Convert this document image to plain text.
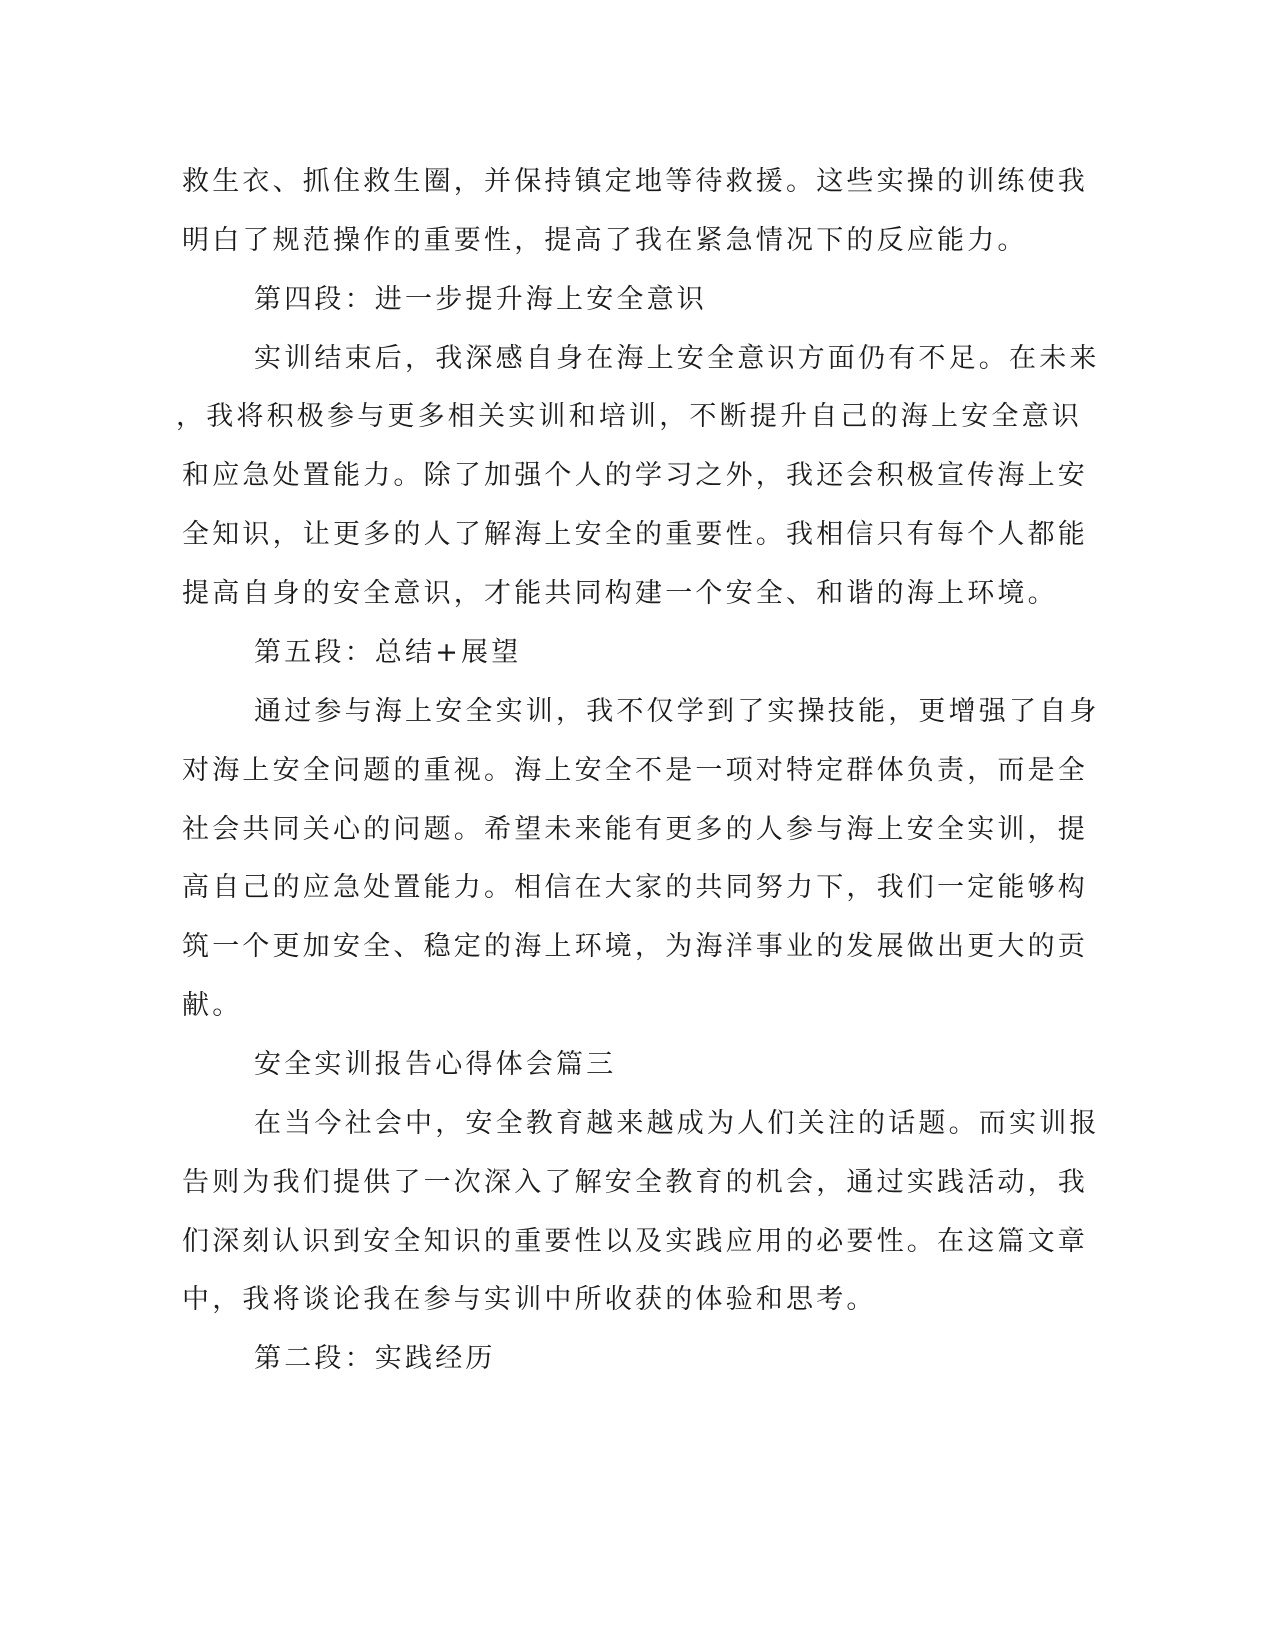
救生衣、抓住救生圈，并保持镇定地等待救援。这些实操的训练使我
明白了规范操作的重要性，提高了我在紧急情况下的反应能力。
第四段：进一步提升海上安全意识
实训结束后，我深感自身在海上安全意识方面仍有不足。在未来
，我将积极参与更多相关实训和培训，不断提升自己的海上安全意识
和应急处置能力。除了加强个人的学习之外，我还会积极宣传海上安
全知识，让更多的人了解海上安全的重要性。我相信只有每个人都能
提高自身的安全意识，才能共同构建一个安全、和谐的海上环境。
第五段：总结+展望
通过参与海上安全实训，我不仅学到了实操技能，更增强了自身
对海上安全问题的重视。海上安全不是一项对特定群体负责，而是全
社会共同关心的问题。希望未来能有更多的人参与海上安全实训，提
高自己的应急处置能力。相信在大家的共同努力下，我们一定能够构
筑一个更加安全、稳定的海上环境，为海洋事业的发展做出更大的贡
献。
安全实训报告心得体会篇三
在当今社会中，安全教育越来越成为人们关注的话题。而实训报
告则为我们提供了一次深入了解安全教育的机会，通过实践活动，我
们深刻认识到安全知识的重要性以及实践应用的必要性。在这篇文章
中，我将谈论我在参与实训中所收获的体验和思考。
第二段：实践经历
